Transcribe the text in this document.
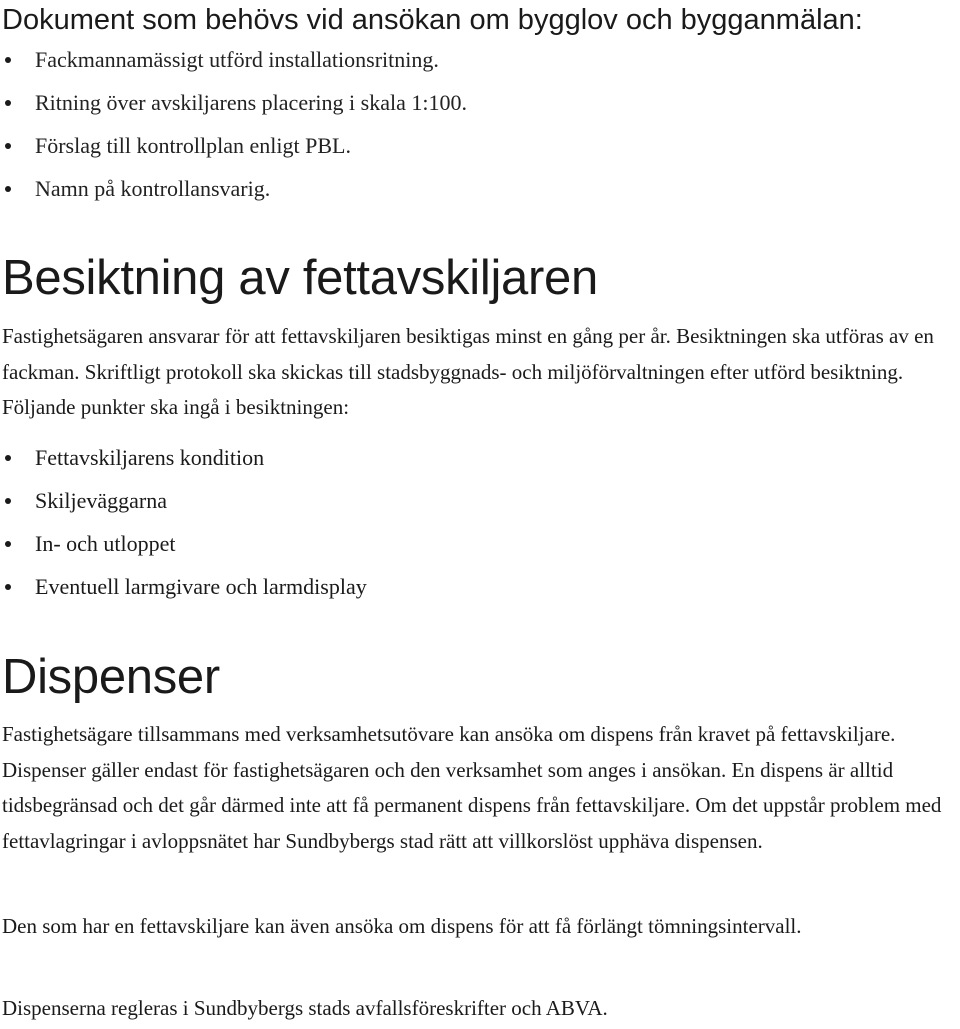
Dokument som behövs vid ansökan om bygglov och bygganmälan:
Fackmannamässigt utförd installationsritning.
Ritning över avskiljarens placering i skala 1:100.
Förslag till kontrollplan enligt PBL.
Namn på kontrollansvarig.
Besiktning av fettavskiljaren

Fastighetsägaren ansvarar för att fettavskiljaren besiktigas minst en gång per år. Besiktningen ska utföras av en fackman. Skriftligt protokoll ska skickas till stadsbyggnads- och miljöförvaltningen efter utförd besiktning. Följande punkter ska ingå i besiktningen:

Fettavskiljarens kondition
Skiljeväggarna
In- och utloppet
Eventuell larmgivare och larmdisplay
Dispenser

Fastighetsägare tillsammans med verksamhetsutövare kan ansöka om dispens från kravet på fettavskiljare. Dispenser gäller endast för fastighetsägaren och den verksamhet som anges i ansökan. En dispens är alltid tidsbegränsad och det går därmed inte att få permanent dispens från fettavskiljare. Om det uppstår problem med fettavlagringar i avloppsnätet har Sundbybergs stad rätt att villkorslöst upphäva dispensen.

Den som har en fettavskiljare kan även ansöka om dispens för att få förlängt tömningsintervall.

Dispenserna regleras i Sundbybergs stads avfallsföreskrifter och ABVA.
